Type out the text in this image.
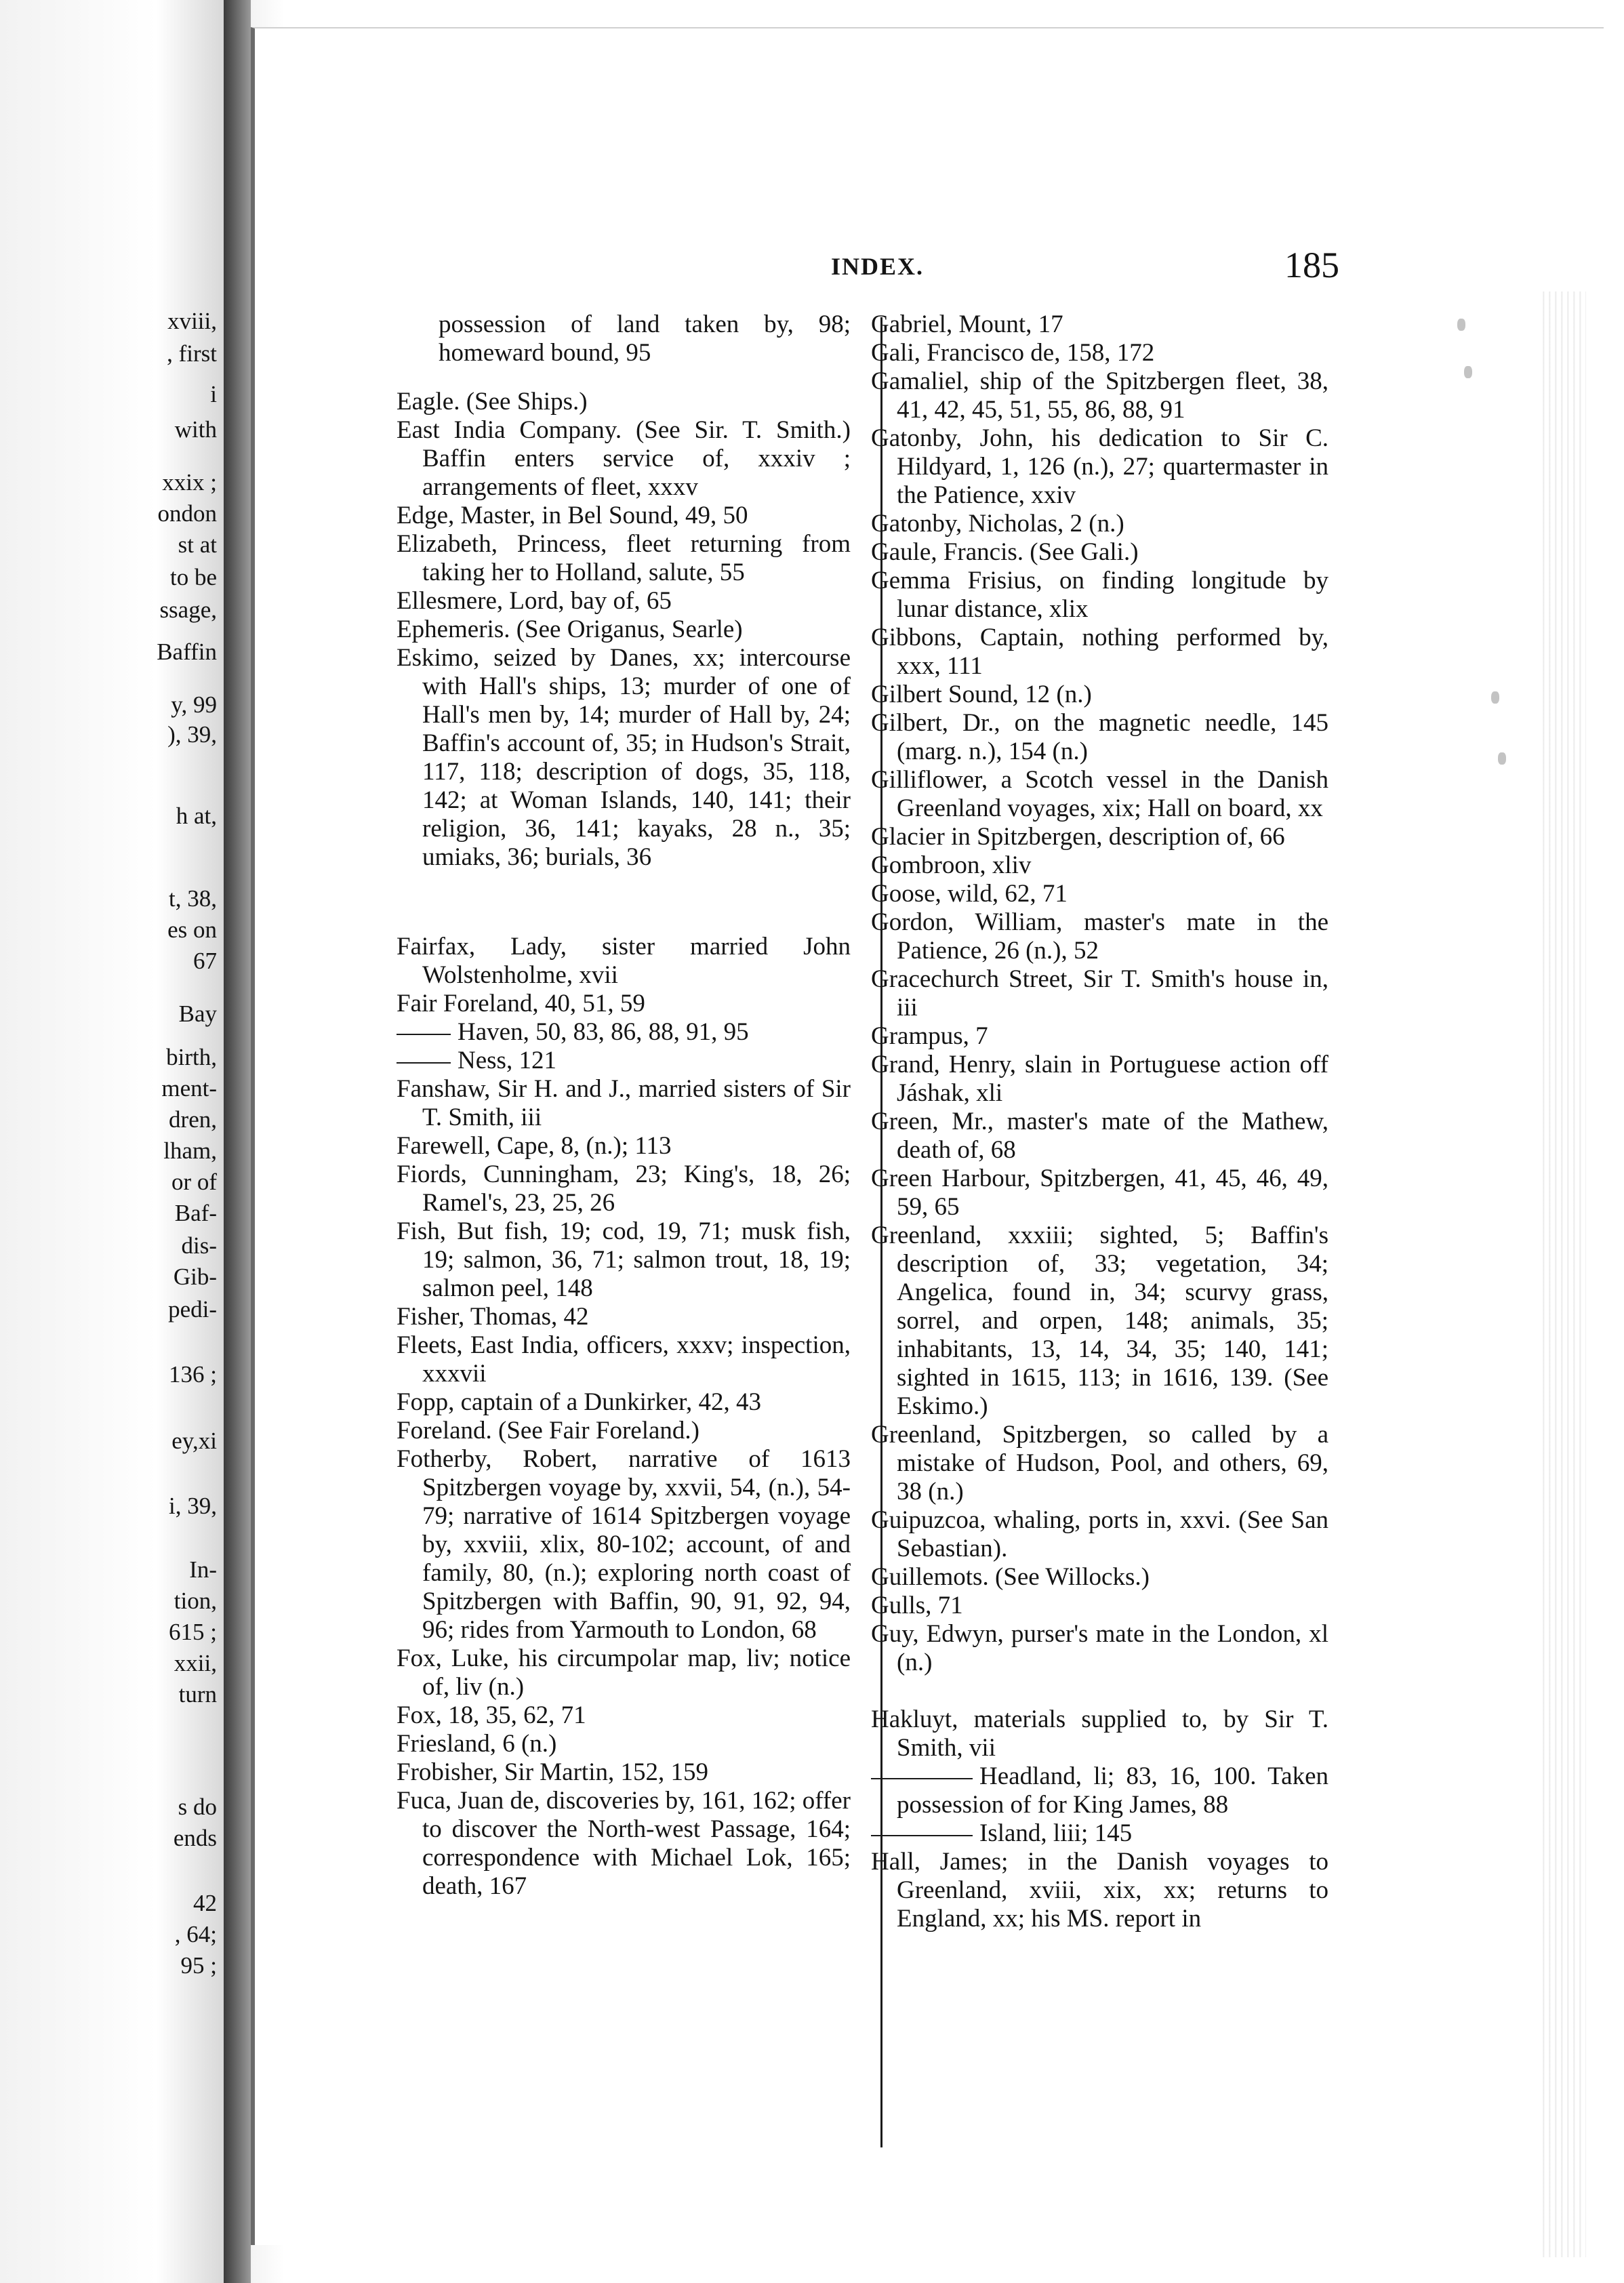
xviii,
, first
i
with
xxix ;
ondon
st at
to be
ssage,
Baffin
y, 99
), 39,
h at,
t, 38,
es on
67
Bay
birth,
ment-
dren,
lham,
or of
Baf-
dis-
Gib-
pedi-
136 ;
ey,xi
i, 39,
In-
tion,
615 ;
xxii,
turn
s do
ends
42
, 64;
95 ;
INDEX.	185

possession of land taken by, 98; homeward bound, 95

Eagle. (See Ships.)

East India Company. (See Sir. T. Smith.) Baffin enters service of, xxxiv ; arrangements of fleet, xxxv

Edge, Master, in Bel Sound, 49, 50

Elizabeth, Princess, fleet returning from taking her to Holland, salute, 55

Ellesmere, Lord, bay of, 65

Ephemeris. (See Origanus, Searle)

Eskimo, seized by Danes, xx; intercourse with Hall's ships, 13; murder of one of Hall's men by, 14; murder of Hall by, 24; Baffin's account of, 35; in Hudson's Strait, 117, 118; description of dogs, 35, 118, 142; at Woman Islands, 140, 141; their religion, 36, 141; kayaks, 28 n., 35; umiaks, 36; burials, 36

Fairfax, Lady, sister married John Wolstenholme, xvii

Fair Foreland, 40, 51, 59

Haven, 50, 83, 86, 88, 91, 95

Ness, 121

Fanshaw, Sir H. and J., married sisters of Sir T. Smith, iii

Farewell, Cape, 8, (n.); 113

Fiords, Cunningham, 23; King's, 18, 26; Ramel's, 23, 25, 26

Fish, But fish, 19; cod, 19, 71; musk fish, 19; salmon, 36, 71; salmon trout, 18, 19; salmon peel, 148

Fisher, Thomas, 42

Fleets, East India, officers, xxxv; inspection, xxxvii

Fopp, captain of a Dunkirker, 42, 43

Foreland. (See Fair Foreland.)

Fotherby, Robert, narrative of 1613 Spitzbergen voyage by, xxvii, 54, (n.), 54-79; narrative of 1614 Spitzbergen voyage by, xxviii, xlix, 80-102; account, of and family, 80, (n.); exploring north coast of Spitzbergen with Baffin, 90, 91, 92, 94, 96; rides from Yarmouth to London, 68

Fox, Luke, his circumpolar map, liv; notice of, liv (n.)

Fox, 18, 35, 62, 71

Friesland, 6 (n.)

Frobisher, Sir Martin, 152, 159

Fuca, Juan de, discoveries by, 161, 162; offer to discover the North-west Passage, 164; correspondence with Michael Lok, 165; death, 167

Gabriel, Mount, 17

Gali, Francisco de, 158, 172

Gamaliel, ship of the Spitzbergen fleet, 38, 41, 42, 45, 51, 55, 86, 88, 91

Gatonby, John, his dedication to Sir C. Hildyard, 1, 126 (n.), 27; quartermaster in the Patience, xxiv

Gatonby, Nicholas, 2 (n.)

Gaule, Francis. (See Gali.)

Gemma Frisius, on finding longitude by lunar distance, xlix

Gibbons, Captain, nothing performed by, xxx, 111

Gilbert Sound, 12 (n.)

Gilbert, Dr., on the magnetic needle, 145 (marg. n.), 154 (n.)

Gilliflower, a Scotch vessel in the Danish Greenland voyages, xix; Hall on board, xx

Glacier in Spitzbergen, description of, 66

Gombroon, xliv

Goose, wild, 62, 71

Gordon, William, master's mate in the Patience, 26 (n.), 52

Gracechurch Street, Sir T. Smith's house in, iii

Grampus, 7

Grand, Henry, slain in Portuguese action off Jáshak, xli

Green, Mr., master's mate of the Mathew, death of, 68

Green Harbour, Spitzbergen, 41, 45, 46, 49, 59, 65

Greenland, xxxiii; sighted, 5; Baffin's description of, 33; vegetation, 34; Angelica, found in, 34; scurvy grass, sorrel, and orpen, 148; animals, 35; inhabitants, 13, 14, 34, 35; 140, 141; sighted in 1615, 113; in 1616, 139. (See Eskimo.)

Greenland, Spitzbergen, so called by a mistake of Hudson, Pool, and others, 69, 38 (n.)

Guipuzcoa, whaling, ports in, xxvi. (See San Sebastian).

Guillemots. (See Willocks.)

Gulls, 71

Guy, Edwyn, purser's mate in the London, xl (n.)

Hakluyt, materials supplied to, by Sir T. Smith, vii

Headland, li; 83, 16, 100. Taken possession of for King James, 88

Island, liii; 145

Hall, James; in the Danish voyages to Greenland, xviii, xix, xx; returns to England, xx; his MS. report in
